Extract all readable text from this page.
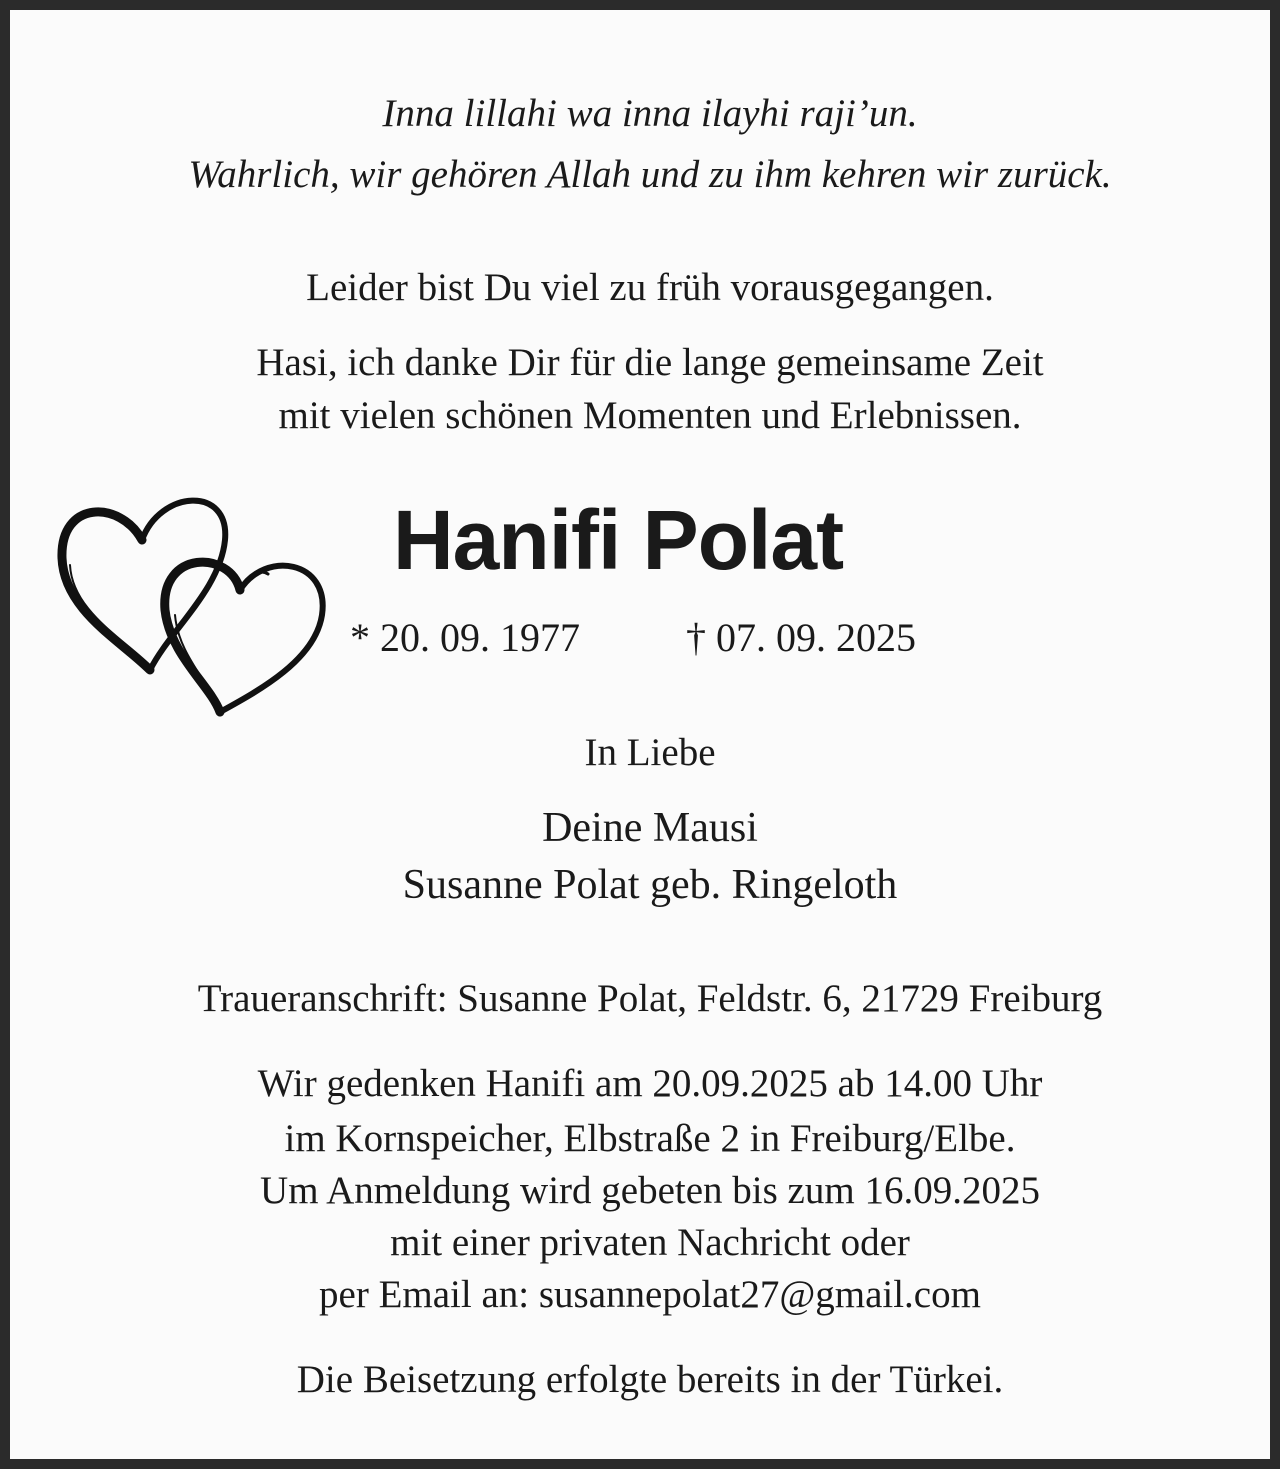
Inna lillahi wa inna ilayhi raji’un.
Wahrlich, wir gehören Allah und zu ihm kehren wir zurück.
Leider bist Du viel zu früh vorausgegangen.
Hasi, ich danke Dir für die lange gemeinsame Zeit
mit vielen schönen Momenten und Erlebnissen.
Hanifi Polat
* 20. 09. 1977	† 07. 09. 2025
In Liebe
Deine Mausi
Susanne Polat geb. Ringeloth
Traueranschrift: Susanne Polat, Feldstr. 6, 21729 Freiburg
Wir gedenken Hanifi am 20.09.2025 ab 14.00 Uhr
im Kornspeicher, Elbstraße 2 in Freiburg/Elbe.
Um Anmeldung wird gebeten bis zum 16.09.2025
mit einer privaten Nachricht oder
per Email an: susannepolat27@gmail.com
Die Beisetzung erfolgte bereits in der Türkei.
